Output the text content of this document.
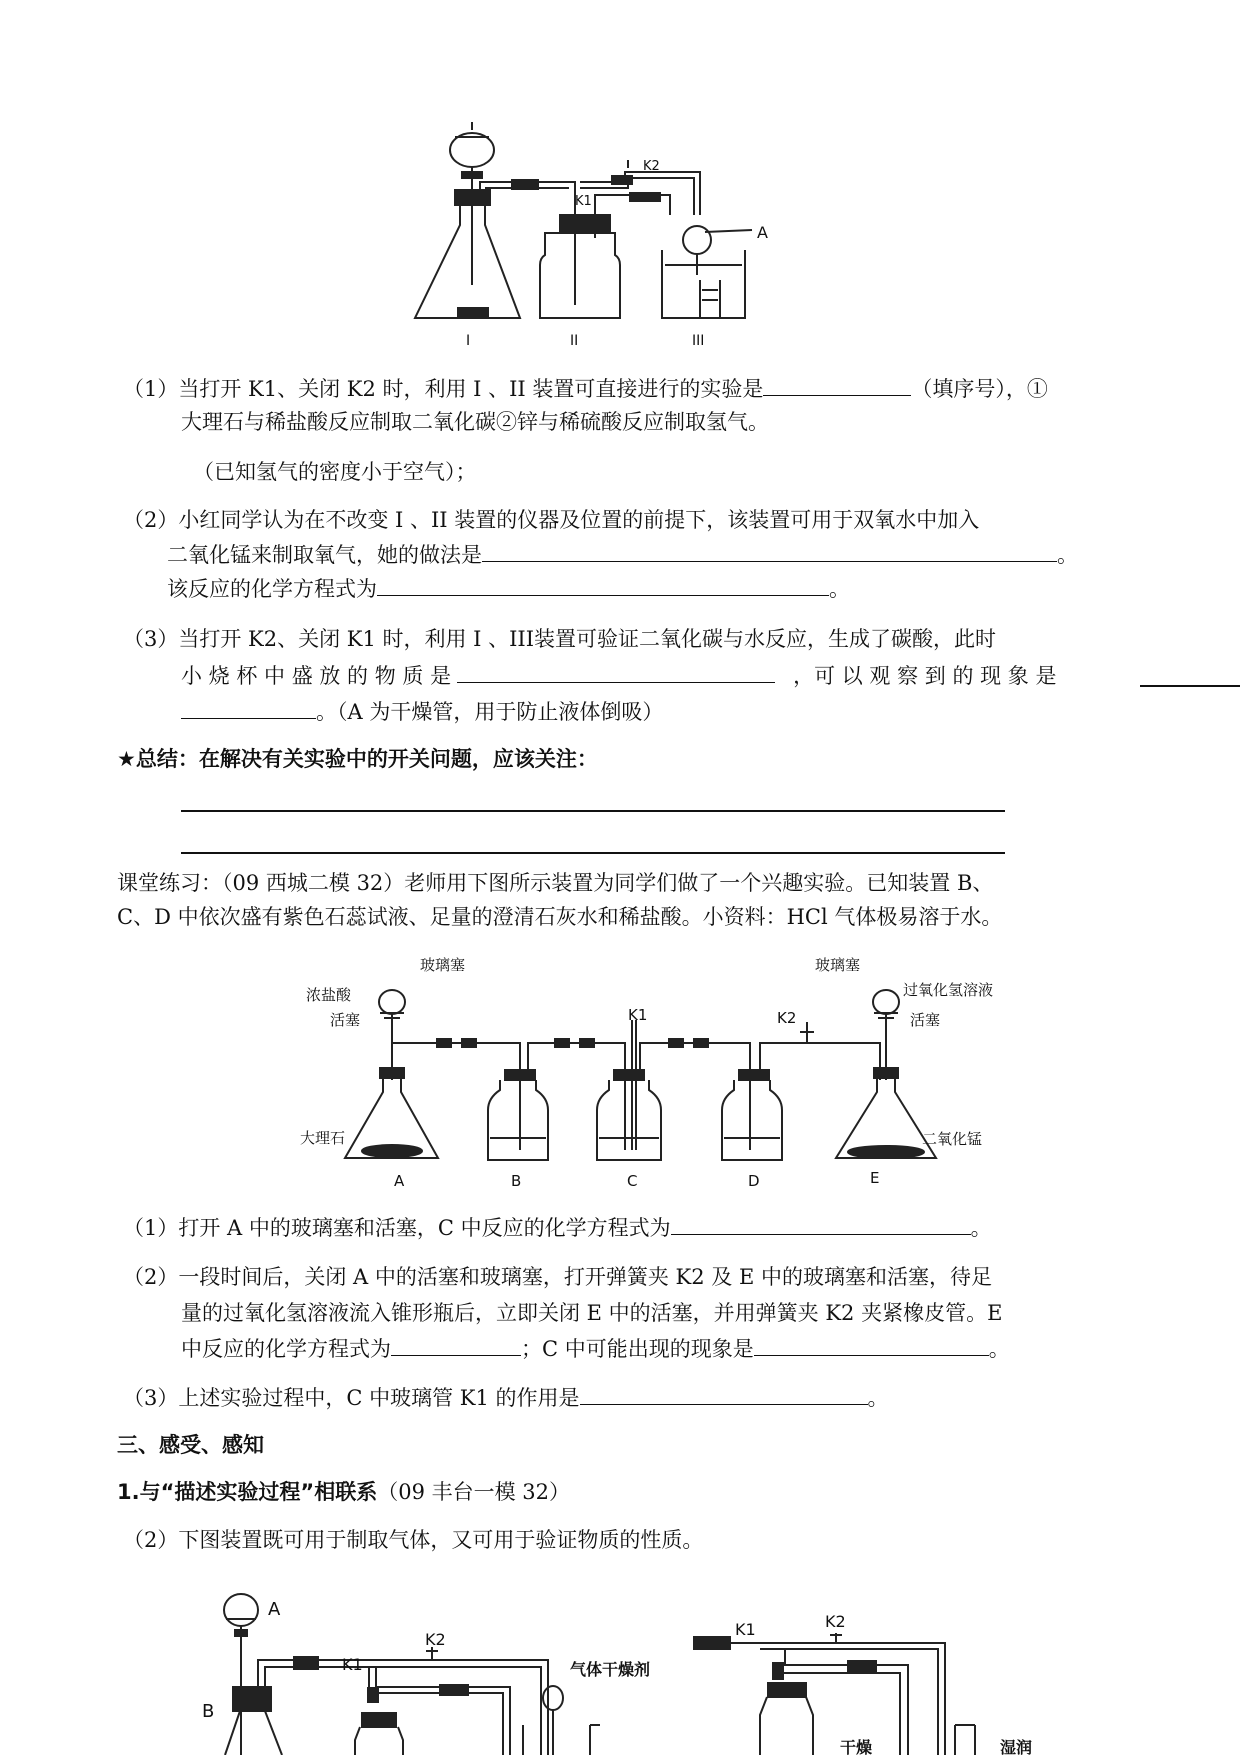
K2
K1
A
I	II	III
（1）当打开 K1、关闭 K2 时，利用 I 、II 装置可直接进行的实验是	（填序号），①
大理石与稀盐酸反应制取二氧化碳②锌与稀硫酸反应制取氢气。
（已知氢气的密度小于空气）；
（2）小红同学认为在不改变 I 、II 装置的仪器及位置的前提下，该装置可用于双氧水中加入
二氧化锰来制取氧气，她的做法是	。
该反应的化学方程式为	。
（3）当打开 K2、关闭 K1 时，利用 I 、III装置可验证二氧化碳与水反应，生成了碳酸，此时
小 烧 杯 中 盛 放 的 物 质 是	，可 以 观 察 到 的 现 象 是
。（A 为干燥管，用于防止液体倒吸）
★总结：在解决有关实验中的开关问题，应该关注：
课堂练习：（09 西城二模 32）老师用下图所示装置为同学们做了一个兴趣实验。已知装置 B、
C、D 中依次盛有紫色石蕊试液、足量的澄清石灰水和稀盐酸。小资料：HCl 气体极易溶于水。
玻璃塞
浓盐酸
活塞	K1	K2
玻璃塞
过氧化氢溶液
活塞
大理石	二氧化锰
A	B	C	D	E
（1）打开 A 中的玻璃塞和活塞，C 中反应的化学方程式为	。
（2）一段时间后，关闭 A 中的活塞和玻璃塞，打开弹簧夹 K2 及 E 中的玻璃塞和活塞，待足
量的过氧化氢溶液流入锥形瓶后，立即关闭 E 中的活塞，并用弹簧夹 K2 夹紧橡皮管。E
中反应的化学方程式为	；C 中可能出现的现象是	。
（3）上述实验过程中，C 中玻璃管 K1 的作用是	。
三、感受、感知
1.与“描述实验过程”相联系（09 丰台一模 32）
（2）下图装置既可用于制取气体，又可用于验证物质的性质。
A
B
K2
K1	气体干燥剂
K2
K1
干燥	湿润
